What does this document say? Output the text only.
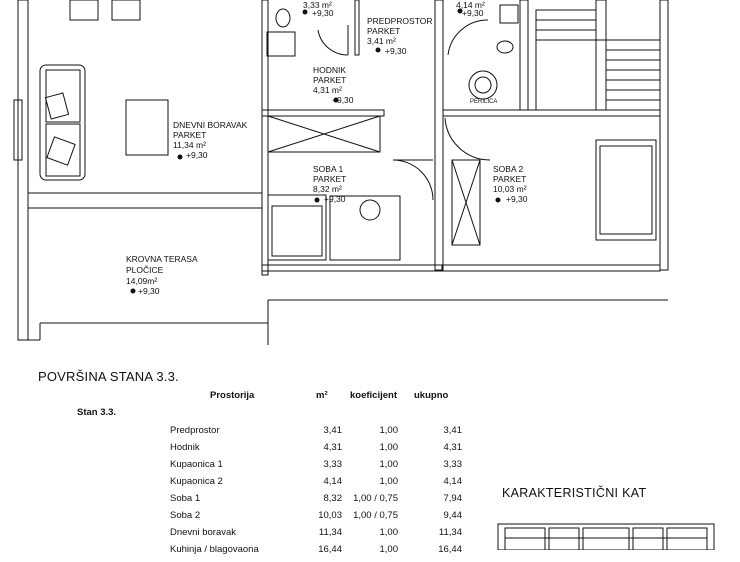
3,33 m²
+9,30
PREDPROSTOR
PARKET
3,41 m²
+9,30
4,14 m²
+9,30
PERILICA
HODNIK
PARKET
4,31 m²
+9,30
DNEVNI BORAVAK
PARKET
11,34 m²
+9,30
SOBA 1
PARKET
8,32 m²
+9,30
SOBA 2
PARKET
10,03 m²
+9,30
KROVNA TERASA
PLOČICE
14,09m²
+9,30
POVRŠINA STANA 3.3.
Prostorija	m² koeficijent ukupno
Stan 3.3.
Predprostor	3,41	1,00	3,41
Hodnik	4,31	1,00	4,31
Kupaonica 1	3,33	1,00	3,33
Kupaonica 2	4,14	1,00	4,14
Soba 1	8,32	1,00 / 0,75	7,94
Soba 2	10,03	1,00 / 0,75	9,44
Dnevni boravak	11,34	1,00	11,34
Kuhinja / blagovaona	16,44	1,00	16,44
KARAKTERISTIČNI KAT
